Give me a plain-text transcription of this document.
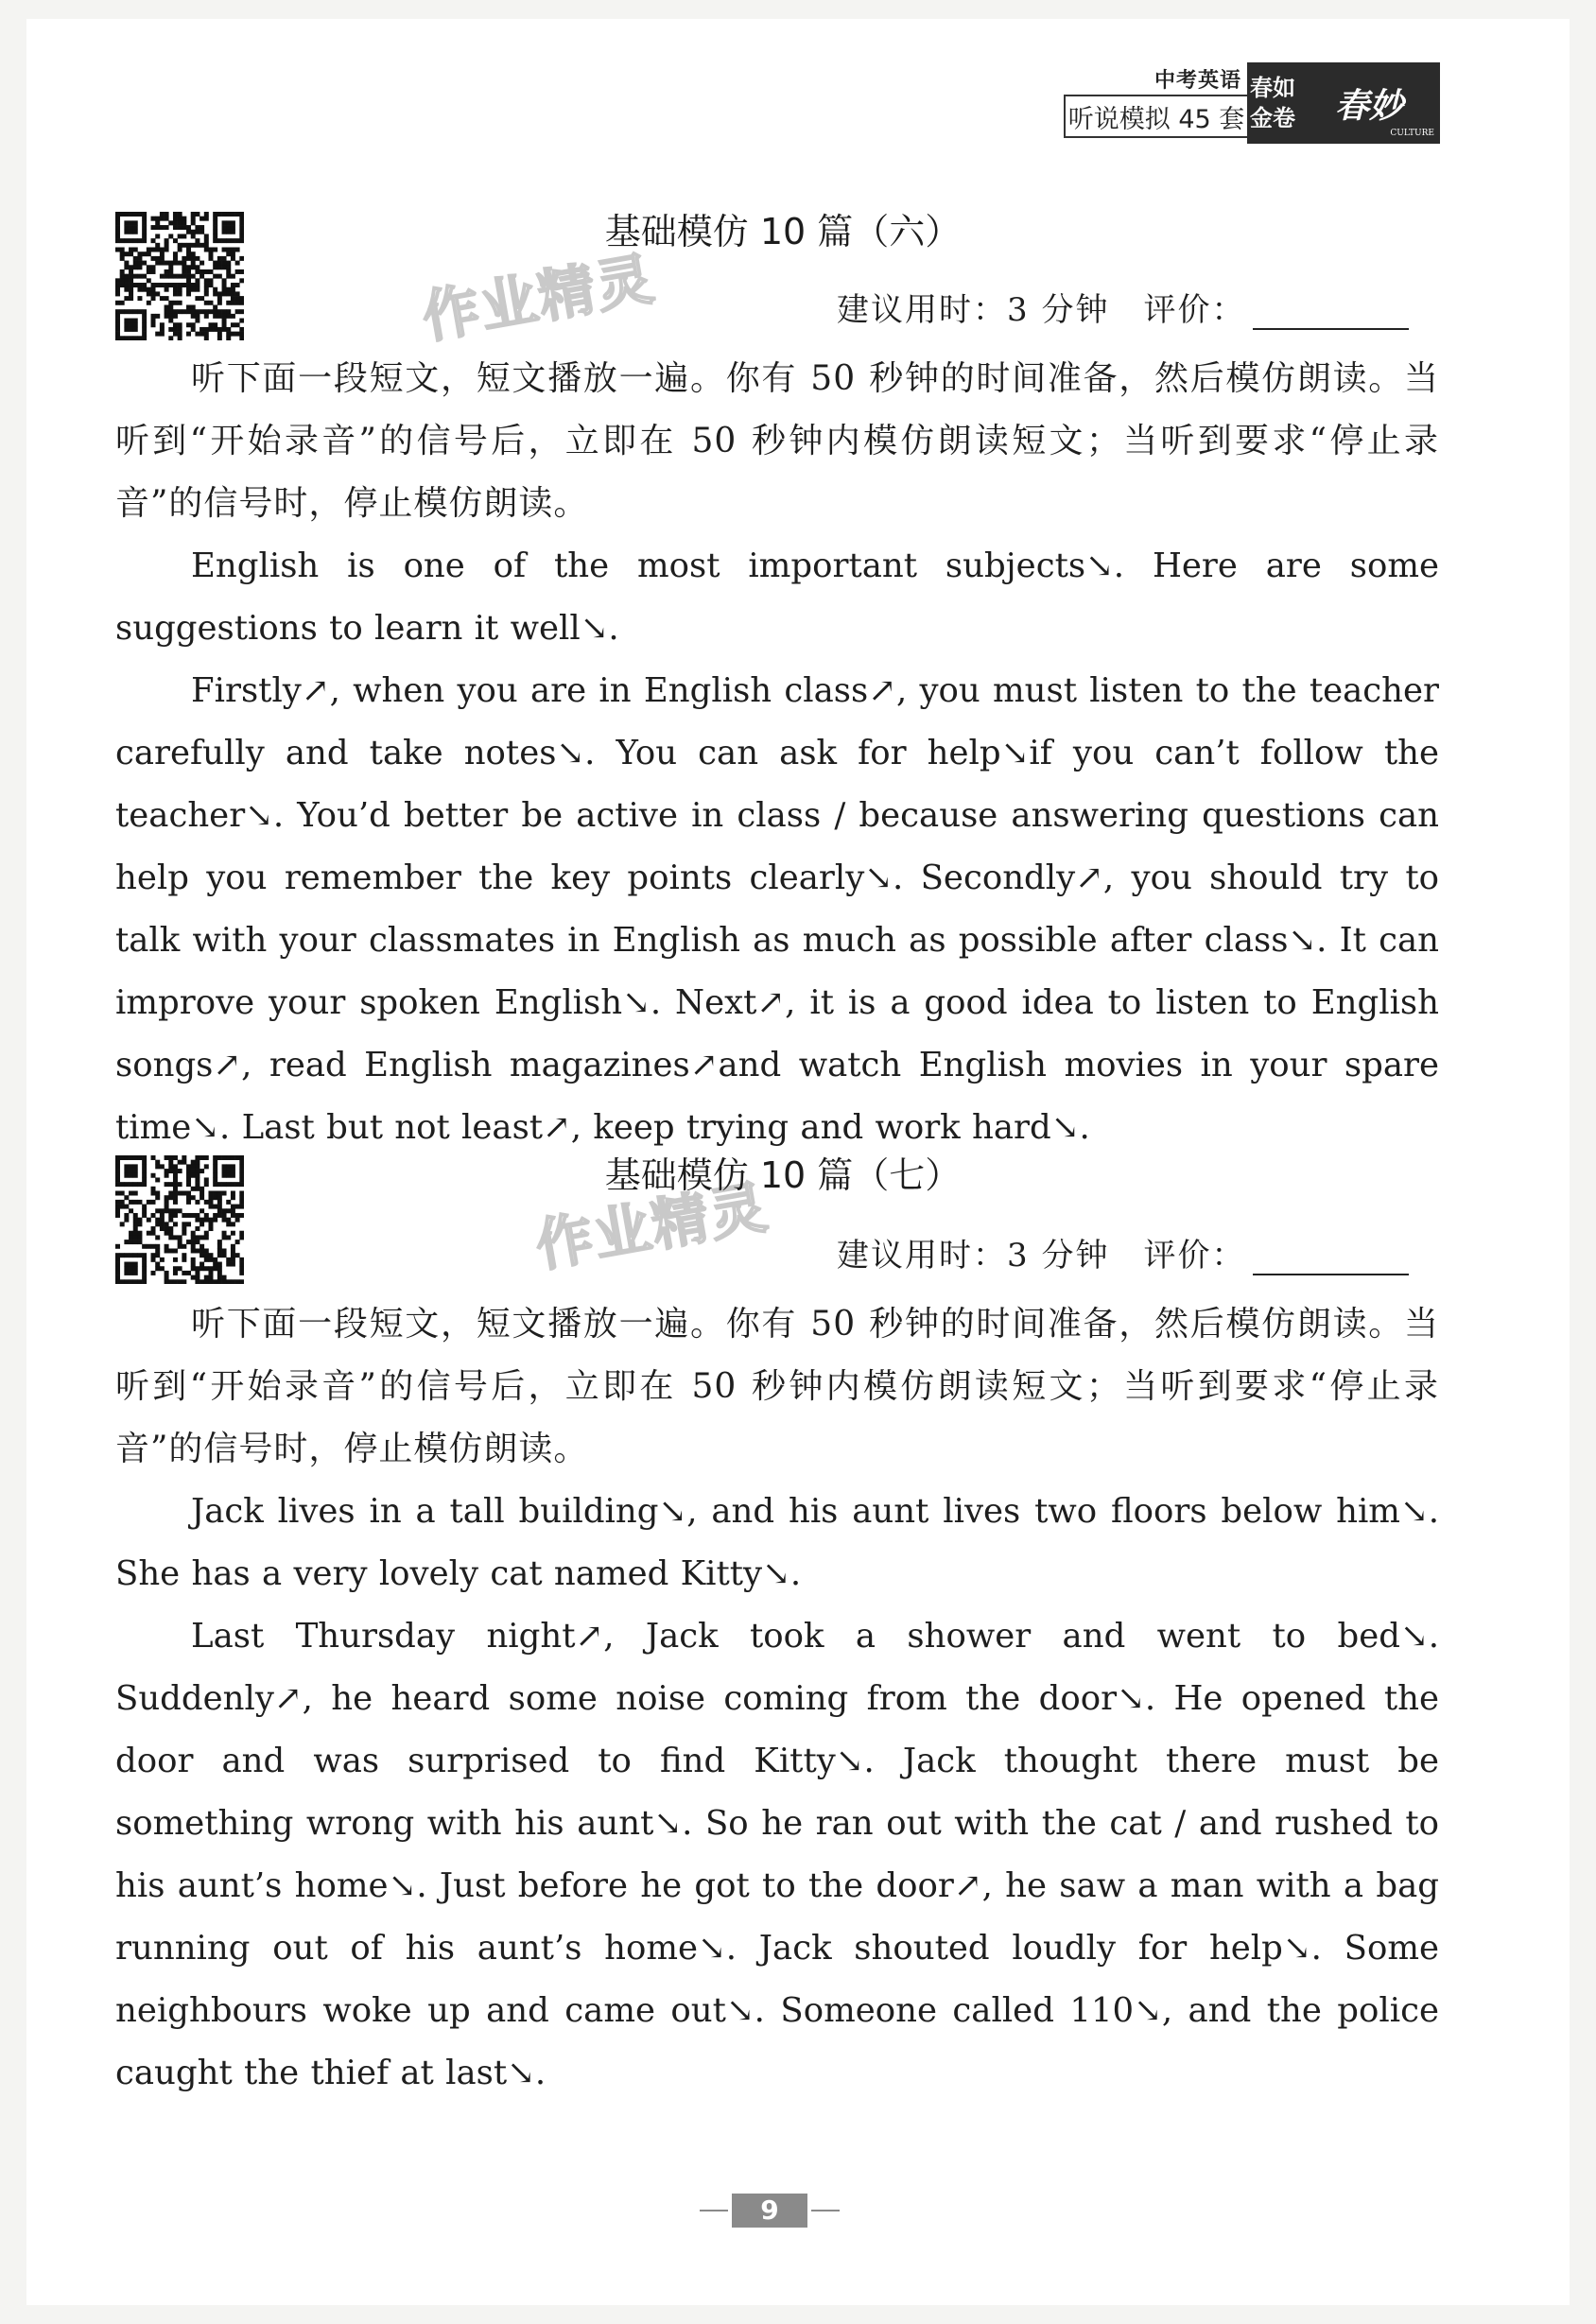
中考英语
听说模拟 45 套
春如
金卷 春妙
CULTURE
作业精灵
基础模仿 10 篇（六）
建议用时：3 分钟 评价：

听下面一段短文，短文播放一遍。你有 50 秒钟的时间准备，然后模仿朗读。当听到“开始录音”的信号后，立即在 50 秒钟内模仿朗读短文；当听到要求“停止录音”的信号时，停止模仿朗读。

English is one of the most important subjects↘. Here are some suggestions to learn it well↘.

Firstly↗, when you are in English class↗, you must listen to the teacher carefully and take notes↘. You can ask for help↘if you can’t follow the teacher↘. You’d better be active in class / because answering questions can help you remember the key points clearly↘. Secondly↗, you should try to talk with your classmates in English as much as possible after class↘. It can improve your spoken English↘. Next↗, it is a good idea to listen to English songs↗, read English magazines↗and watch English movies in your spare time↘. Last but not least↗, keep trying and work hard↘.

作业精灵
基础模仿 10 篇（七）
建议用时：3 分钟 评价：

听下面一段短文，短文播放一遍。你有 50 秒钟的时间准备，然后模仿朗读。当听到“开始录音”的信号后，立即在 50 秒钟内模仿朗读短文；当听到要求“停止录音”的信号时，停止模仿朗读。

Jack lives in a tall building↘, and his aunt lives two floors below him↘. She has a very lovely cat named Kitty↘.

Last Thursday night↗, Jack took a shower and went to bed↘. Suddenly↗, he heard some noise coming from the door↘. He opened the door and was surprised to find Kitty↘. Jack thought there must be something wrong with his aunt↘. So he ran out with the cat / and rushed to his aunt’s home↘. Just before he got to the door↗, he saw a man with a bag running out of his aunt’s home↘. Jack shouted loudly for help↘. Some neighbours woke up and came out↘. Someone called 110↘, and the police caught the thief at last↘.

9
